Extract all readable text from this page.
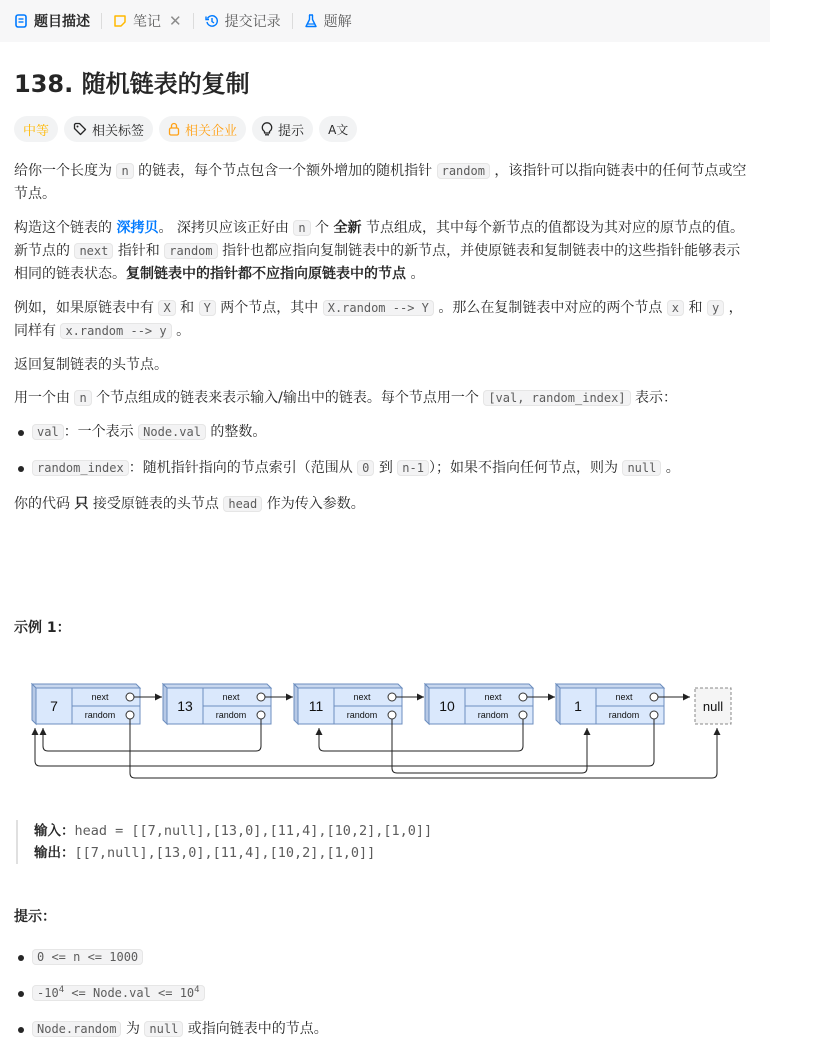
题目描述	笔记 ✕	提交记录	题解
138. 随机链表的复制
中等	相关标签	相关企业	提示 A文

给你一个长度为 n 的链表，每个节点包含一个额外增加的随机指针 random ，该指针可以指向链表中的任何节点或空节点。

构造这个链表的 深拷贝。 深拷贝应该正好由 n 个 全新 节点组成，其中每个新节点的值都设为其对应的原节点的值。新节点的 next 指针和 random 指针也都应指向复制链表中的新节点，并使原链表和复制链表中的这些指针能够表示相同的链表状态。复制链表中的指针都不应指向原链表中的节点 。

例如，如果原链表中有 X 和 Y 两个节点，其中 X.random --> Y 。那么在复制链表中对应的两个节点 x 和 y ，同样有 x.random --> y 。

返回复制链表的头节点。

用一个由 n 个节点组成的链表来表示输入/输出中的链表。每个节点用一个 [val, random_index] 表示：

val ：一个表示 Node.val 的整数。
random_index ：随机指针指向的节点索引（范围从 0 到 n-1 ）；如果不指向任何节点，则为 null 。

你的代码 只 接受原链表的头节点 head 作为传入参数。

示例 1：
7
next
random
13
next
random
11
next
random
10
next
random
1
next
random
null
输入：head = [[7,null],[13,0],[11,4],[10,2],[1,0]]
输出：[[7,null],[13,0],[11,4],[10,2],[1,0]]
提示：
0 <= n <= 1000
$-10^4$ <= Node.val <= $10^4$
Node.random 为 null 或指向链表中的节点。
